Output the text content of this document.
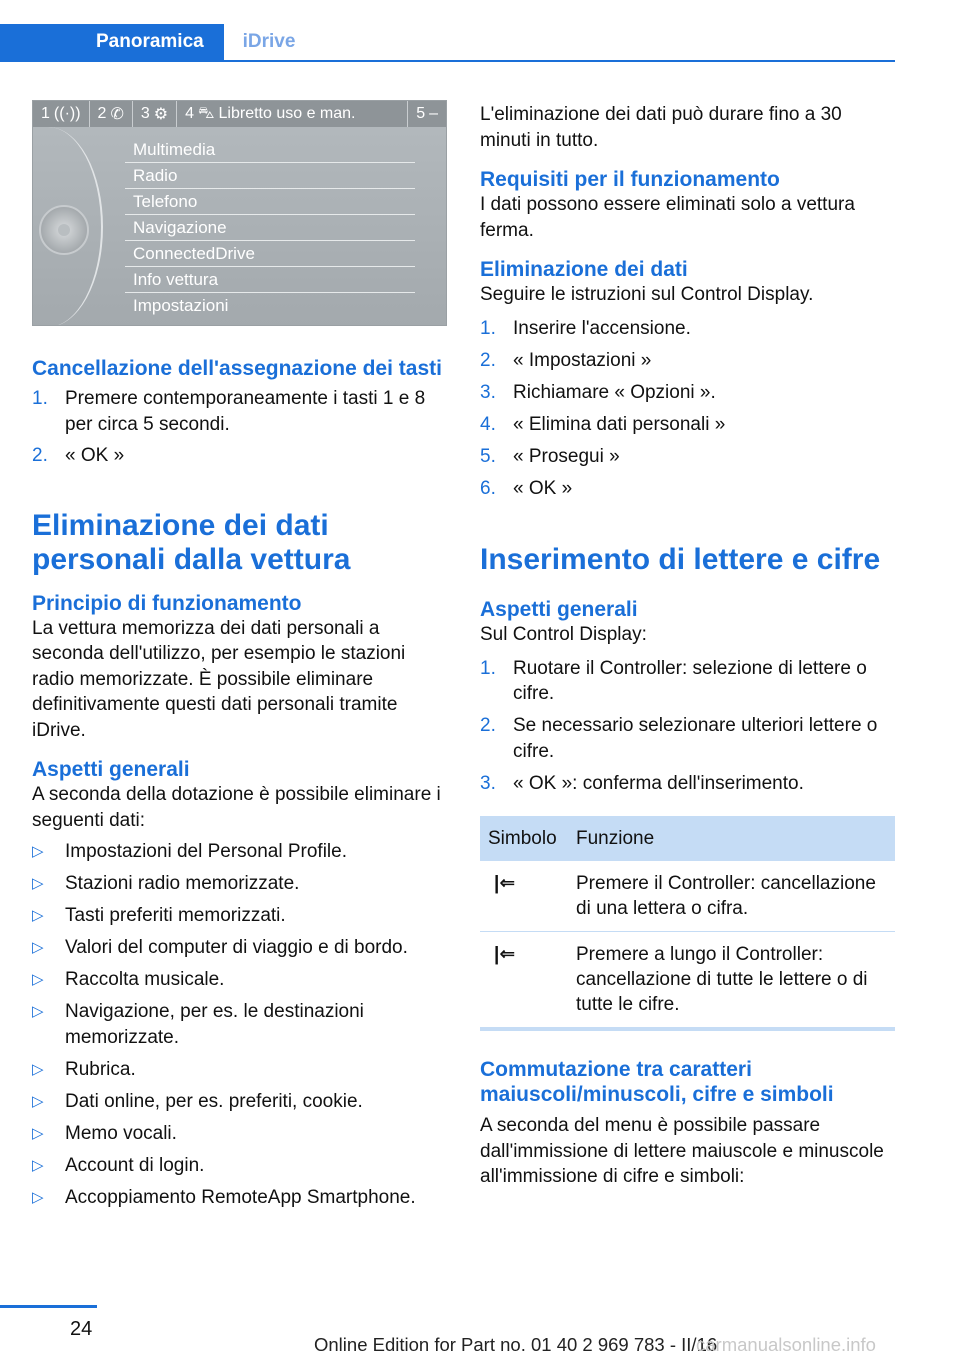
Panoramica	iDrive
1 ((·)) 2 ✆ 3 ⚙ 4 ⛍ Libretto uso e man.	5 –
Multimedia
Radio
Telefono
Navigazione
ConnectedDrive
Info vettura
Impostazioni
Cancellazione dell'assegnazione dei tasti
1. Premere contemporaneamente i tasti 1 e 8 per circa 5 secondi.
2. « OK »
Eliminazione dei dati personali dalla vettura
Principio di funzionamento

La vettura memorizza dei dati personali a seconda dell'utilizzo, per esempio le stazioni radio memorizzate. È possibile eliminare definitivamente questi dati personali tramite iDrive.

Aspetti generali

A seconda della dotazione è possibile eliminare i seguenti dati:

▷ Impostazioni del Personal Profile.
▷ Stazioni radio memorizzate.
▷ Tasti preferiti memorizzati.
▷ Valori del computer di viaggio e di bordo.
▷ Raccolta musicale.
▷ Navigazione, per es. le destinazioni memorizzate.
▷ Rubrica.
▷ Dati online, per es. preferiti, cookie.
▷ Memo vocali.
▷ Account di login.
▷ Accoppiamento RemoteApp Smartphone.

L'eliminazione dei dati può durare fino a 30 minuti in tutto.

Requisiti per il funzionamento

I dati possono essere eliminati solo a vettura ferma.

Eliminazione dei dati

Seguire le istruzioni sul Control Display.

1. Inserire l'accensione.
2. « Impostazioni »
3. Richiamare « Opzioni ».
4. « Elimina dati personali »
5. « Prosegui »
6. « OK »
Inserimento di lettere e cifre
Aspetti generali

Sul Control Display:

1. Ruotare il Controller: selezione di lettere o cifre.
2. Se necessario selezionare ulteriori lettere o cifre.
3. « OK »: conferma dell'inserimento.
Simbolo	Funzione
|⇐	Premere il Controller: cancellazione di una lettera o cifra.
|⇐	Premere a lungo il Controller: cancellazione di tutte le lettere o di tutte le cifre.
Commutazione tra caratteri maiuscoli/minuscoli, cifre e simboli

A seconda del menu è possibile passare dall'immissione di lettere maiuscole e minuscole all'immissione di cifre e simboli:

24
Online Edition for Part no. 01 40 2 969 783 - II/16
carmanualsonline.info
